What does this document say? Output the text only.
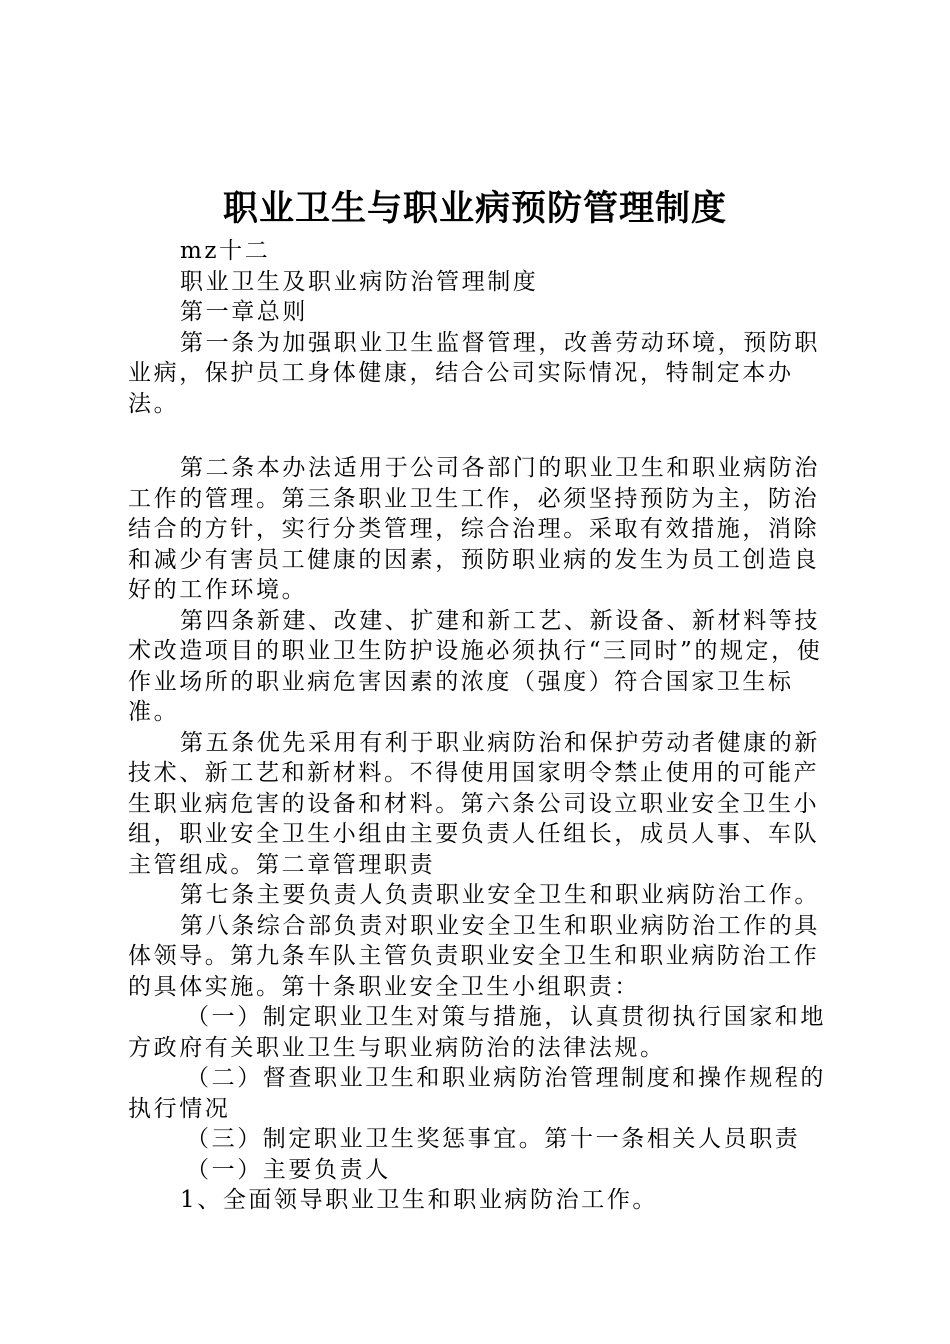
职业卫生与职业病预防管理制度

mz十二

职业卫生及职业病防治管理制度

第一章总则

第一条为加强职业卫生监督管理，改善劳动环境，预防职业病，保护员工身体健康，结合公司实际情况，特制定本办法。

第二条本办法适用于公司各部门的职业卫生和职业病防治工作的管理。第三条职业卫生工作，必须坚持预防为主，防治结合的方针，实行分类管理，综合治理。采取有效措施，消除和减少有害员工健康的因素，预防职业病的发生为员工创造良好的工作环境。

第四条新建、改建、扩建和新工艺、新设备、新材料等技术改造项目的职业卫生防护设施必须执行“三同时”的规定，使作业场所的职业病危害因素的浓度（强度）符合国家卫生标准。

第五条优先采用有利于职业病防治和保护劳动者健康的新技术、新工艺和新材料。不得使用国家明令禁止使用的可能产生职业病危害的设备和材料。第六条公司设立职业安全卫生小组，职业安全卫生小组由主要负责人任组长，成员人事、车队主管组成。第二章管理职责

第七条主要负责人负责职业安全卫生和职业病防治工作。

第八条综合部负责对职业安全卫生和职业病防治工作的具体领导。第九条车队主管负责职业安全卫生和职业病防治工作的具体实施。第十条职业安全卫生小组职责：

（一）制定职业卫生对策与措施，认真贯彻执行国家和地方政府有关职业卫生与职业病防治的法律法规。

（二）督查职业卫生和职业病防治管理制度和操作规程的执行情况

（三）制定职业卫生奖惩事宜。第十一条相关人员职责

（一）主要负责人

1、全面领导职业卫生和职业病防治工作。
